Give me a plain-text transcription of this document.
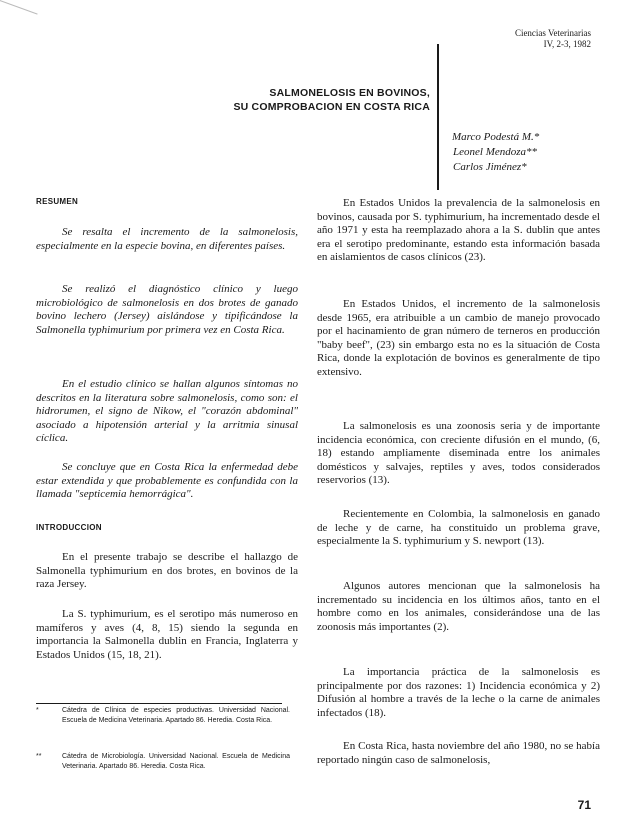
Ciencias Veterinarias
IV, 2-3, 1982
SALMONELOSIS EN BOVINOS,
SU COMPROBACION EN COSTA RICA
Marco Podestá M.*
Leonel Mendoza**
Carlos Jiménez*
RESUMEN

Se resalta el incremento de la salmonelosis, especialmente en la especie bovina, en diferentes países.

Se realizó el diagnóstico clínico y luego microbiológico de salmonelosis en dos brotes de ganado bovino lechero (Jersey) aislándose y tipificándose la Salmonella typhimurium por primera vez en Costa Rica.

En el estudio clínico se hallan algunos síntomas no descritos en la literatura sobre salmonelosis, como son: el hidrorumen, el signo de Nikow, el "corazón abdominal" asociado a hipotensión arterial y la arritmia sinusal cíclica.

Se concluye que en Costa Rica la enfermedad debe estar extendida y que probablemente es confundida con la llamada "septicemia hemorrágica".

INTRODUCCION

En el presente trabajo se describe el hallazgo de Salmonella typhimurium en dos brotes, en bovinos de la raza Jersey.

La S. typhimurium, es el serotipo más numeroso en mamíferos y aves (4, 8, 15) siendo la segunda en importancia la Salmonella dublin en Francia, Inglaterra y Estados Unidos (15, 18, 21).

En Estados Unidos la prevalencia de la salmonelosis en bovinos, causada por S. typhimurium, ha incrementado desde el año 1971 y esta ha reemplazado ahora a la S. dublin que antes era el serotipo predominante, estando esta información basada en aislamientos de casos clínicos (23).

En Estados Unidos, el incremento de la salmonelosis desde 1965, era atribuible a un cambio de manejo provocado por el hacinamiento de gran número de terneros en producción "baby beef", (23) sin embargo esta no es la situación de Costa Rica, donde la explotación de bovinos es generalmente de tipo extensivo.

La salmonelosis es una zoonosis seria y de importante incidencia económica, con creciente difusión en el mundo, (6, 18) estando ampliamente diseminada entre los animales domésticos y salvajes, reptiles y aves, todos considerados reservorios (13).

Recientemente en Colombia, la salmonelosis en ganado de leche y de carne, ha constituido un problema grave, especialmente la S. typhimurium y S. newport (13).

Algunos autores mencionan que la salmonelosis ha incrementado su incidencia en los últimos años, tanto en el hombre como en los animales, considerándose una de las zoonosis más importantes (2).

La importancia práctica de la salmonelosis es principalmente por dos razones: 1) Incidencia económica y 2) Difusión al hombre a través de la leche o la carne de animales infectados (18).

En Costa Rica, hasta noviembre del año 1980, no se había reportado ningún caso de salmonelosis,

*	Cátedra de Clínica de especies productivas. Universidad Nacional. Escuela de Medicina Veterinaria. Apartado 86. Heredia. Costa Rica.
**	Cátedra de Microbiología. Universidad Nacional. Escuela de Medicina Veterinaria. Apartado 86. Heredia. Costa Rica.
71
